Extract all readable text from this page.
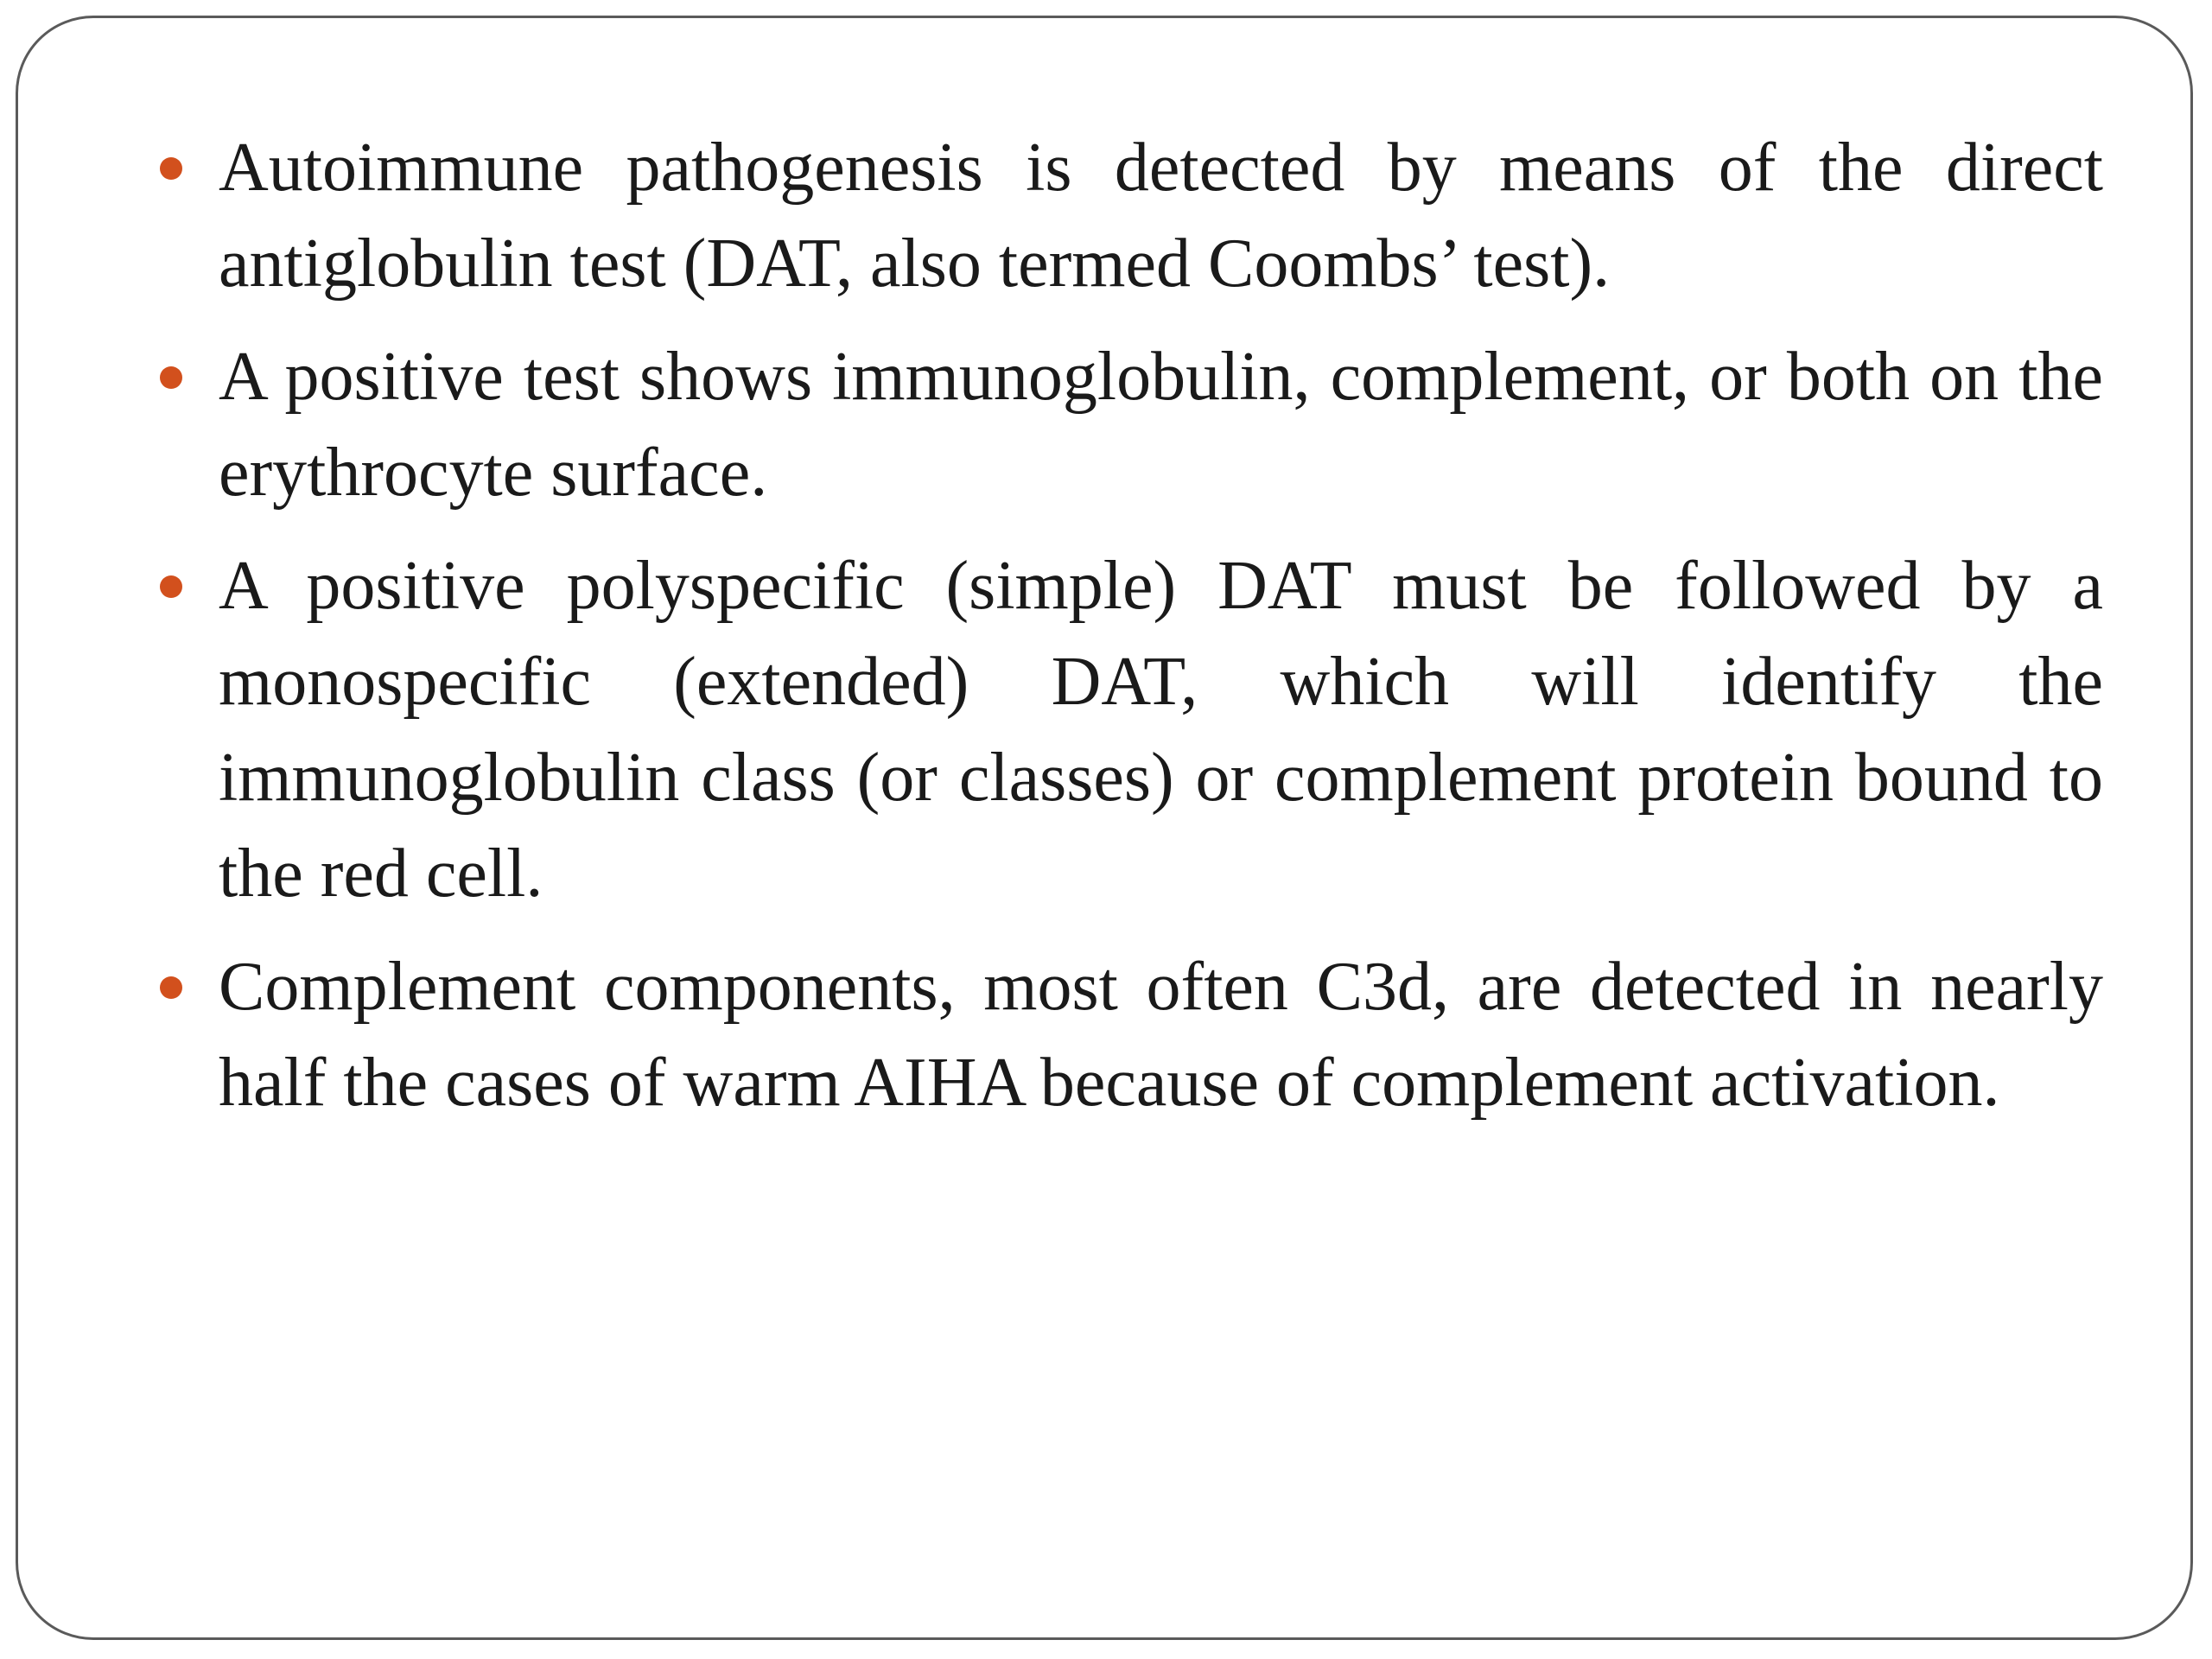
Autoimmune pathogenesis is detected by means of the direct antiglobulin test (DAT, also termed Coombs’ test).
A positive test shows immunoglobulin, complement, or both on the erythrocyte surface.
A positive polyspecific (simple) DAT must be followed by a monospecific (extended) DAT, which will identify the immunoglobulin class (or classes) or complement protein bound to the red cell.
Complement components, most often C3d, are detected in nearly half the cases of warm AIHA because of complement activation.
